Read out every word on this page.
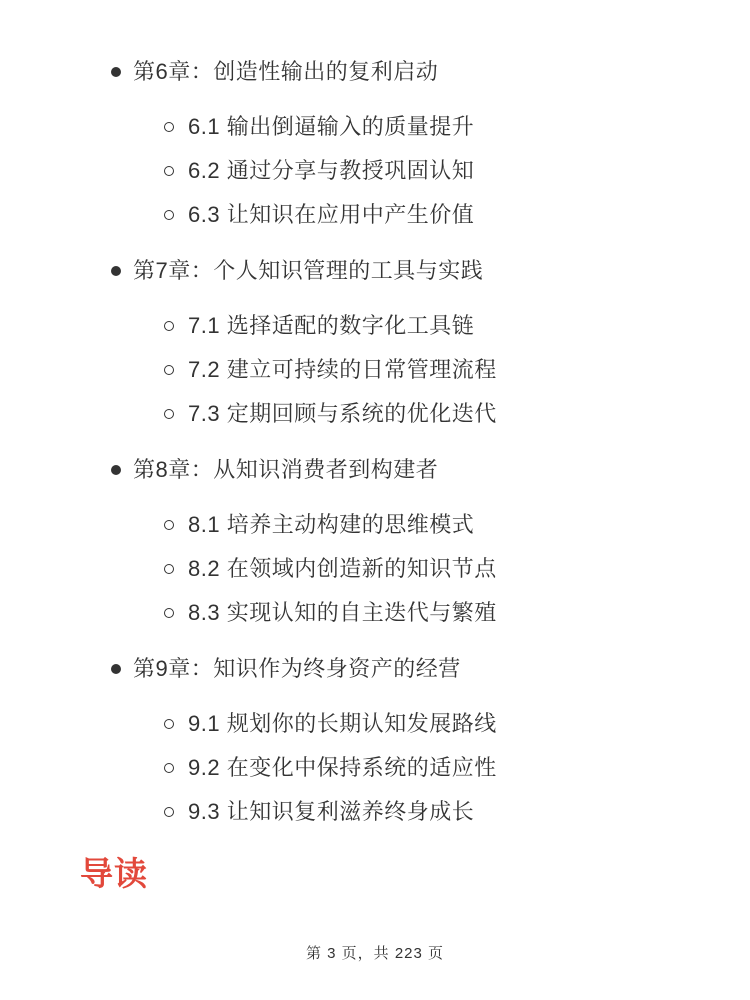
第6章：创造性输出的复利启动
6.1 输出倒逼输入的质量提升
6.2 通过分享与教授巩固认知
6.3 让知识在应用中产生价值
第7章：个人知识管理的工具与实践
7.1 选择适配的数字化工具链
7.2 建立可持续的日常管理流程
7.3 定期回顾与系统的优化迭代
第8章：从知识消费者到构建者
8.1 培养主动构建的思维模式
8.2 在领域内创造新的知识节点
8.3 实现认知的自主迭代与繁殖
第9章：知识作为终身资产的经营
9.1 规划你的长期认知发展路线
9.2 在变化中保持系统的适应性
9.3 让知识复利滋养终身成长
导读
第 3 页，共 223 页
